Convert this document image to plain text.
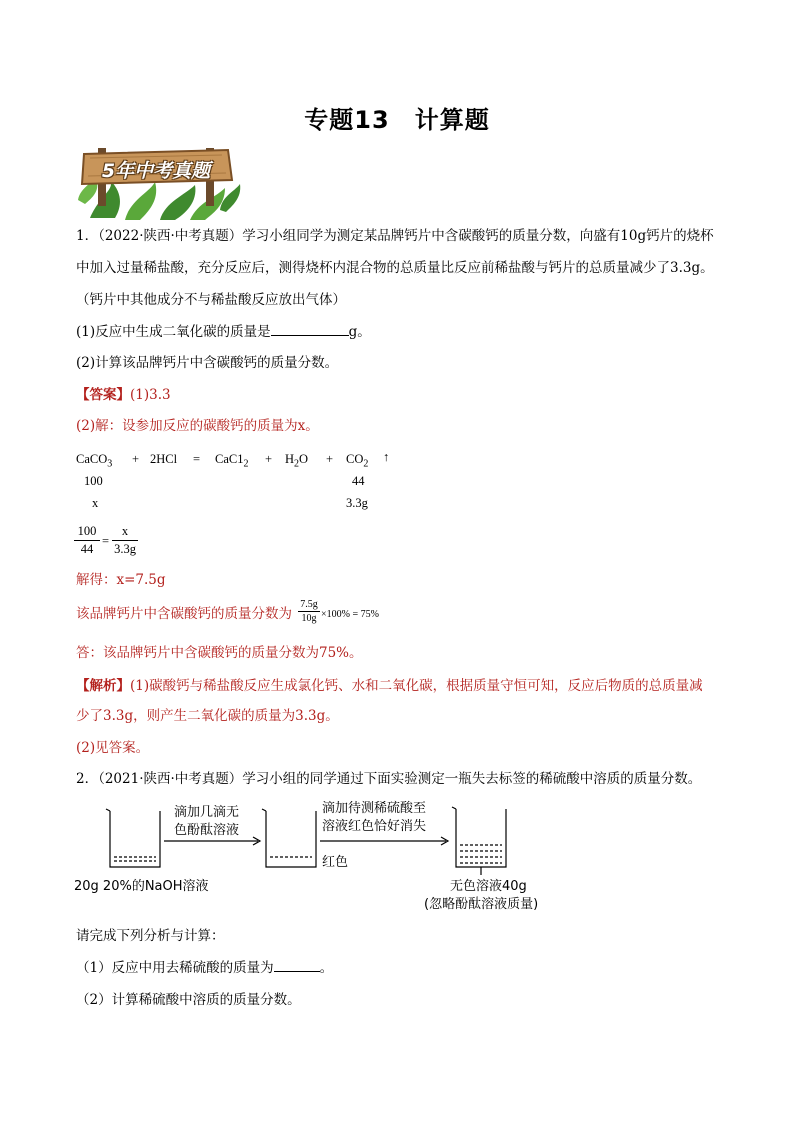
专题13　计算题
5年中考真题
1．（2022·陕西·中考真题）学习小组同学为测定某品牌钙片中含碳酸钙的质量分数，向盛有10g钙片的烧杯
中加入过量稀盐酸，充分反应后，测得烧杯内混合物的总质量比反应前稀盐酸与钙片的总质量减少了3.3g。
（钙片中其他成分不与稀盐酸反应放出气体）
(1)反应中生成二氧化碳的质量是	g。
(2)计算该品牌钙片中含碳酸钙的质量分数。
【答案】(1)3.3
(2)解：设参加反应的碳酸钙的质量为x。
CaCO$_3$ + $2HCl = CaC1_2 + H_2O + CO_2$ ↑
100	44
x	3.3g
100
44
=
x
3.3g
解得：x=7.5g
该品牌钙片中含碳酸钙的质量分数为
7.5g
10g ×100% = 75%
答：该品牌钙片中含碳酸钙的质量分数为75%。
【解析】(1)碳酸钙与稀盐酸反应生成氯化钙、水和二氧化碳，根据质量守恒可知，反应后物质的总质量减
少了3.3g，则产生二氧化碳的质量为3.3g。
(2)见答案。
2．（2021·陕西·中考真题）学习小组的同学通过下面实验测定一瓶失去标签的稀硫酸中溶质的质量分数。
滴加几滴无
色酚酞溶液
滴加待测稀硫酸至
溶液红色恰好消失
20g 20%的NaOH溶液
红色
无色溶液40g
(忽略酚酞溶液质量)
请完成下列分析与计算：
（1）反应中用去稀硫酸的质量为	。
（2）计算稀硫酸中溶质的质量分数。
